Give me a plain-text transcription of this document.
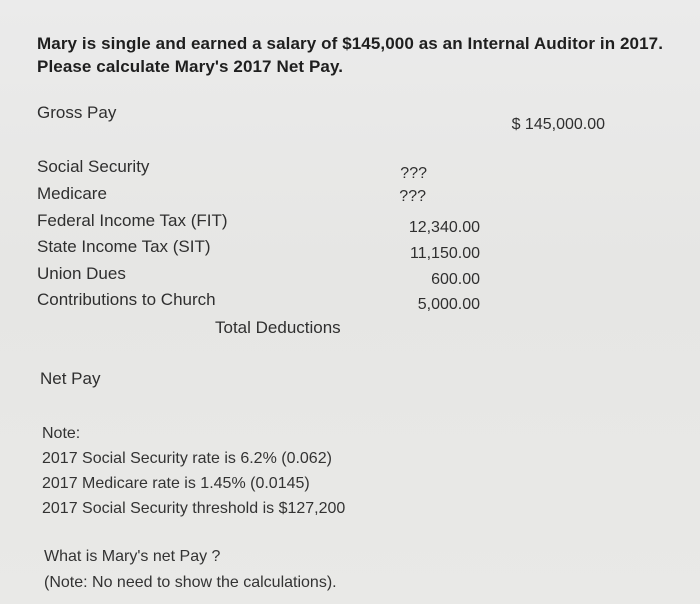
Mary is single and earned a salary of $145,000 as an Internal Auditor in 2017.
Please calculate Mary's 2017 Net Pay.
Gross Pay
$ 145,000.00
Social Security	???
Medicare	???
Federal Income Tax (FIT)	12,340.00
State Income Tax (SIT)	11,150.00
Union Dues	600.00
Contributions to Church	5,000.00
Total Deductions
Net Pay
Note:
2017 Social Security rate is 6.2% (0.062)
2017 Medicare rate is 1.45% (0.0145)
2017 Social Security threshold is $127,200
What is Mary's net Pay ?
(Note: No need to show the calculations).
